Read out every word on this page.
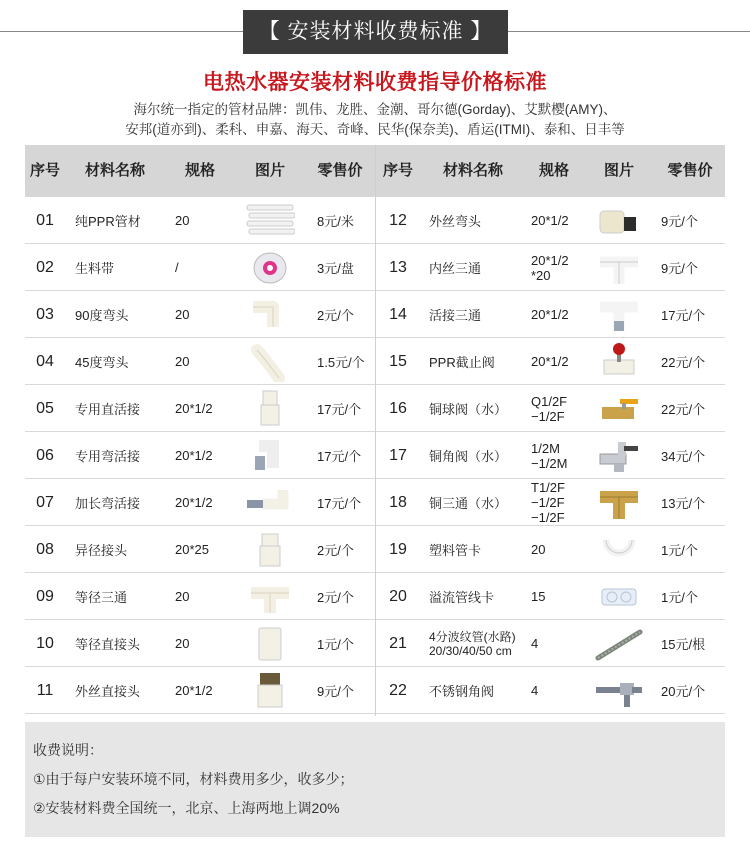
【 安装材料收费标准 】
电热水器安装材料收费指导价格标准
海尔统一指定的管材品牌：凯伟、龙胜、金潮、哥尔德(Gorday)、艾默樱(AMY)、
安邦(道亦到)、柔科、申嘉、海天、奇峰、民华(保奈美)、盾运(ITMI)、泰和、日丰等
序号	材料名称	规格	图片	零售价	序号	材料名称	规格	图片	零售价
01	纯PPR管材	20	8元/米	12	外丝弯头	20*1/2	9元/个
02	生料带	/	3元/盘	13	内丝三通
20*1/2
*20	9元/个
03	90度弯头	20	2元/个	14	活接三通	20*1/2	17元/个
04	45度弯头	20	1.5元/个	15	PPR截止阀	20*1/2	22元/个
05	专用直活接	20*1/2	17元/个	16	铜球阀（水）
Q1/2F
−1/2F	22元/个
06	专用弯活接	20*1/2	17元/个	17	铜角阀（水）
1/2M
−1/2M	34元/个
07	加长弯活接	20*1/2	17元/个	18	铜三通（水）
T1/2F
−1/2F
−1/2F
13元/个
08	异径接头	20*25	2元/个	19	塑料管卡	20	1元/个
09	等径三通	20	2元/个	20	溢流管线卡	15	1元/个
10	等径直接头	20	1元/个	21	4分波纹管(水路)
20/30/40/50 cm	4	15元/根
11	外丝直接头	20*1/2	9元/个	22	不锈钢角阀	4	20元/个
收费说明：
①由于每户安装环境不同，材料费用多少，收多少；
②安装材料费全国统一，北京、上海两地上调20%
